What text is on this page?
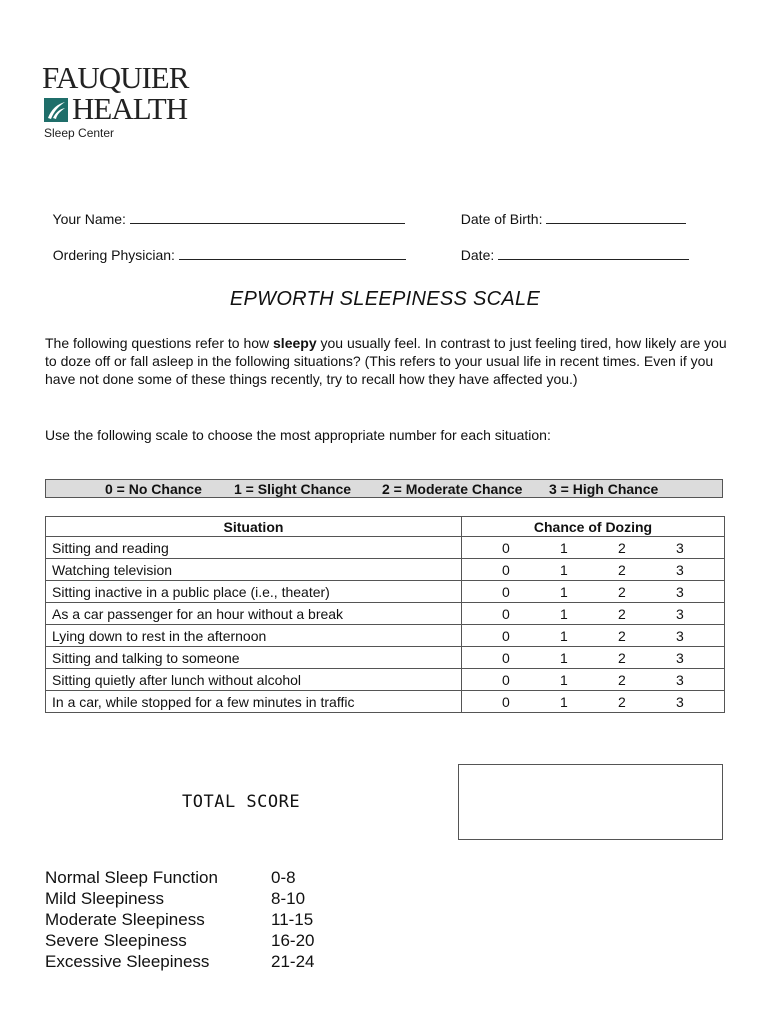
FAUQUIER
HEALTH
Sleep Center

Your Name:	Date of Birth:

Ordering Physician:	Date:

EPWORTH SLEEPINESS SCALE
The following questions refer to how sleepy you usually feel. In contrast to just feeling tired, how likely are you to doze off or fall asleep in the following situations? (This refers to your usual life in recent times. Even if you have not done some of these things recently, try to recall how they have affected you.)
Use the following scale to choose the most appropriate number for each situation:
0 = No Chance 1 = Slight Chance 2 = Moderate Chance 3 = High Chance
Situation	Chance of Dozing
Sitting and reading	0 1 2 3

Watching television	0 1 2 3

Sitting inactive in a public place (i.e., theater)	0 1 2 3

As a car passenger for an hour without a break	0 1 2 3

Lying down to rest in the afternoon	0 1 2 3

Sitting and talking to someone	0 1 2 3

Sitting quietly after lunch without alcohol	0 1 2 3

In a car, while stopped for a few minutes in traffic	0 1 2 3
TOTAL SCORE
Normal Sleep Function	0-8
Mild Sleepiness	8-10
Moderate Sleepiness	11-15
Severe Sleepiness	16-20
Excessive Sleepiness	21-24
